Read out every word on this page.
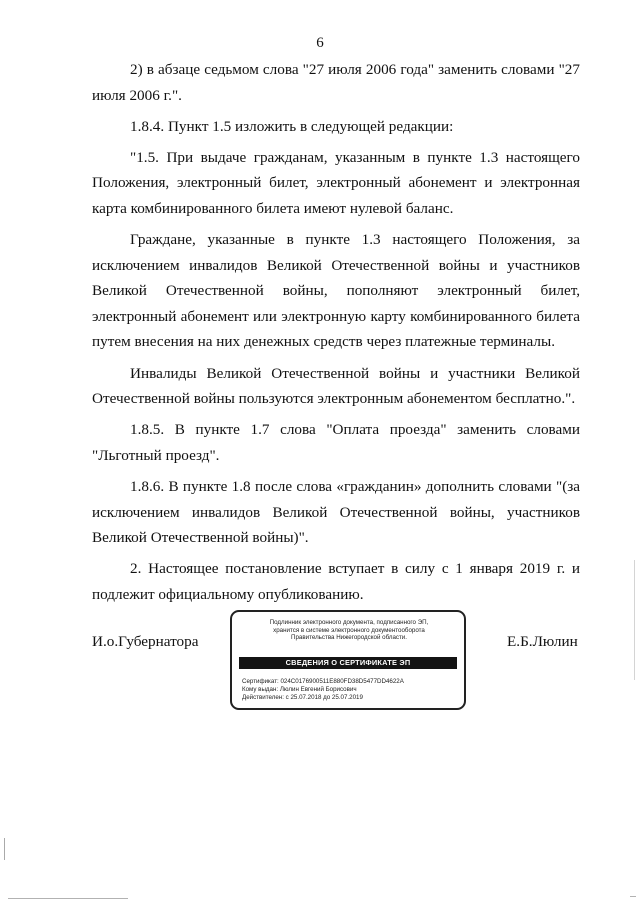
6

2) в абзаце седьмом слова "27 июля 2006 года" заменить словами "27 июля 2006 г.".

1.8.4. Пункт 1.5 изложить в следующей редакции:

"1.5. При выдаче гражданам, указанным в пункте 1.3 настоящего Положения, электронный билет, электронный абонемент и электронная карта комбинированного билета имеют нулевой баланс.

Граждане, указанные в пункте 1.3 настоящего Положения, за исключением инвалидов Великой Отечественной войны и участников Великой Отечественной войны, пополняют электронный билет, электронный абонемент или электронную карту комбинированного билета путем внесения на них денежных средств через платежные терминалы.

Инвалиды Великой Отечественной войны и участники Великой Отечественной войны пользуются электронным абонементом бесплатно.".

1.8.5. В пункте 1.7 слова "Оплата проезда" заменить словами "Льготный проезд".

1.8.6. В пункте 1.8 после слова «гражданин» дополнить словами "(за исключением инвалидов Великой Отечественной войны, участников Великой Отечественной войны)".

2. Настоящее постановление вступает в силу с 1 января 2019 г. и подлежит официальному опубликованию.

И.о.Губернатора
Подлинник электронного документа, подписанного ЭП,
хранится в системе электронного документооборота
Правительства Нижегородской области.
СВЕДЕНИЯ О СЕРТИФИКАТЕ ЭП
Сертификат: 024C0176900511E880FD38D5477DD4622A
Кому выдан: Люлин Евгений Борисович
Действителен: с 25.07.2018 до 25.07.2019
Е.Б.Люлин
